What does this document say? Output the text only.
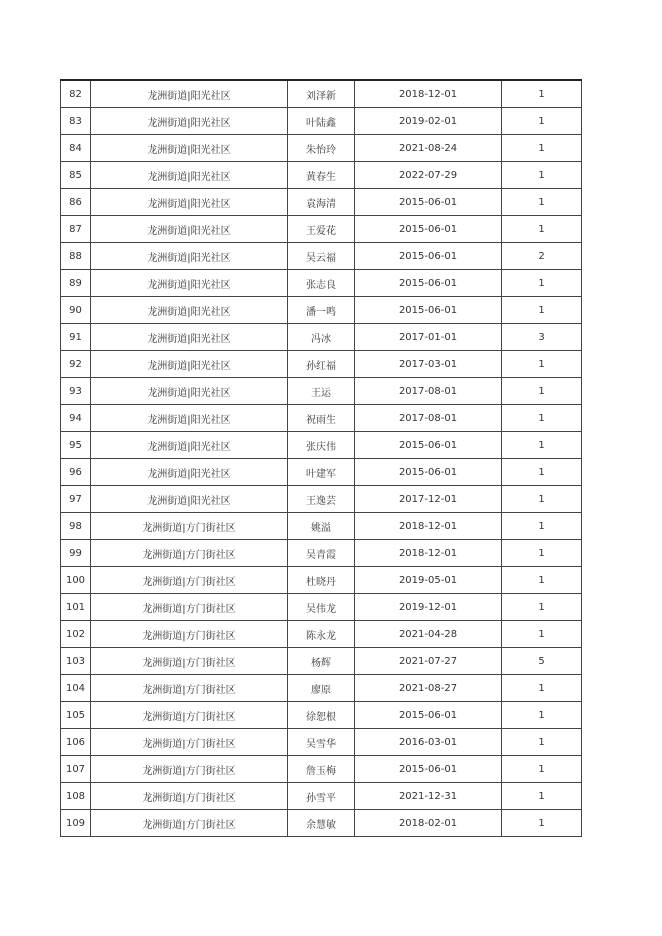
82	龙洲街道|阳光社区	刘泽新	2018-12-01	1
83	龙洲街道|阳光社区	叶陆鑫	2019-02-01	1
84	龙洲街道|阳光社区	朱怡玲	2021-08-24	1
85	龙洲街道|阳光社区	黄春生	2022-07-29	1
86	龙洲街道|阳光社区	袁海清	2015-06-01	1
87	龙洲街道|阳光社区	王爱花	2015-06-01	1
88	龙洲街道|阳光社区	吴云福	2015-06-01	2
89	龙洲街道|阳光社区	张志良	2015-06-01	1
90	龙洲街道|阳光社区	潘一鸣	2015-06-01	1
91	龙洲街道|阳光社区	冯冰	2017-01-01	3
92	龙洲街道|阳光社区	孙红福	2017-03-01	1
93	龙洲街道|阳光社区	王运	2017-08-01	1
94	龙洲街道|阳光社区	祝雨生	2017-08-01	1
95	龙洲街道|阳光社区	张庆伟	2015-06-01	1
96	龙洲街道|阳光社区	叶建军	2015-06-01	1
97	龙洲街道|阳光社区	王逸芸	2017-12-01	1
98	龙洲街道|方门街社区	姚溢	2018-12-01	1
99	龙洲街道|方门街社区	吴青霞	2018-12-01	1
100	龙洲街道|方门街社区	杜晓丹	2019-05-01	1
101	龙洲街道|方门街社区	吴伟龙	2019-12-01	1
102	龙洲街道|方门街社区	陈永龙	2021-04-28	1
103	龙洲街道|方门街社区	杨辉	2021-07-27	5
104	龙洲街道|方门街社区	廖原	2021-08-27	1
105	龙洲街道|方门街社区	徐恕根	2015-06-01	1
106	龙洲街道|方门街社区	吴雪华	2016-03-01	1
107	龙洲街道|方门街社区	詹玉梅	2015-06-01	1
108	龙洲街道|方门街社区	孙雪平	2021-12-31	1
109	龙洲街道|方门街社区	余慧敏	2018-02-01	1
